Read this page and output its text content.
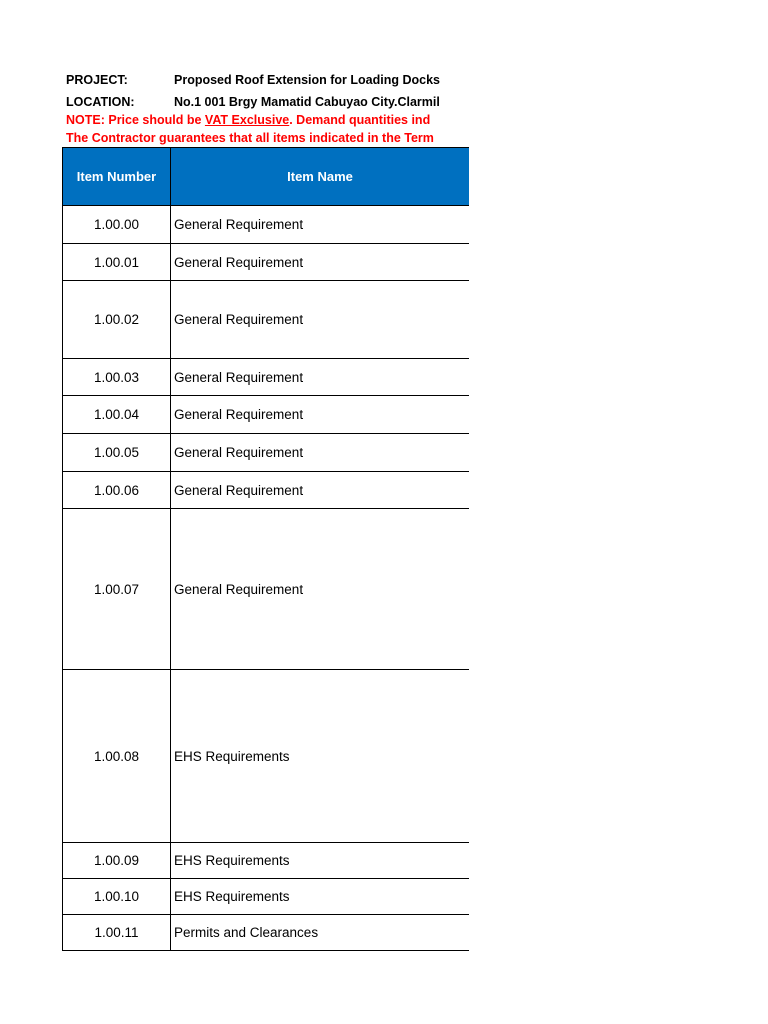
PROJECT:	Proposed Roof Extension for Loading Docks
LOCATION:	No.1 001 Brgy Mamatid Cabuyao City.Clarmil
NOTE: Price should be VAT Exclusive. Demand quantities ind
The Contractor guarantees that all items indicated in the Term
Item Number	Item Name
1.00.00	General Requirement
1.00.01	General Requirement
1.00.02	General Requirement
1.00.03	General Requirement
1.00.04	General Requirement
1.00.05	General Requirement
1.00.06	General Requirement
1.00.07	General Requirement
1.00.08	EHS Requirements
1.00.09	EHS Requirements
1.00.10	EHS Requirements
1.00.11	Permits and Clearances
